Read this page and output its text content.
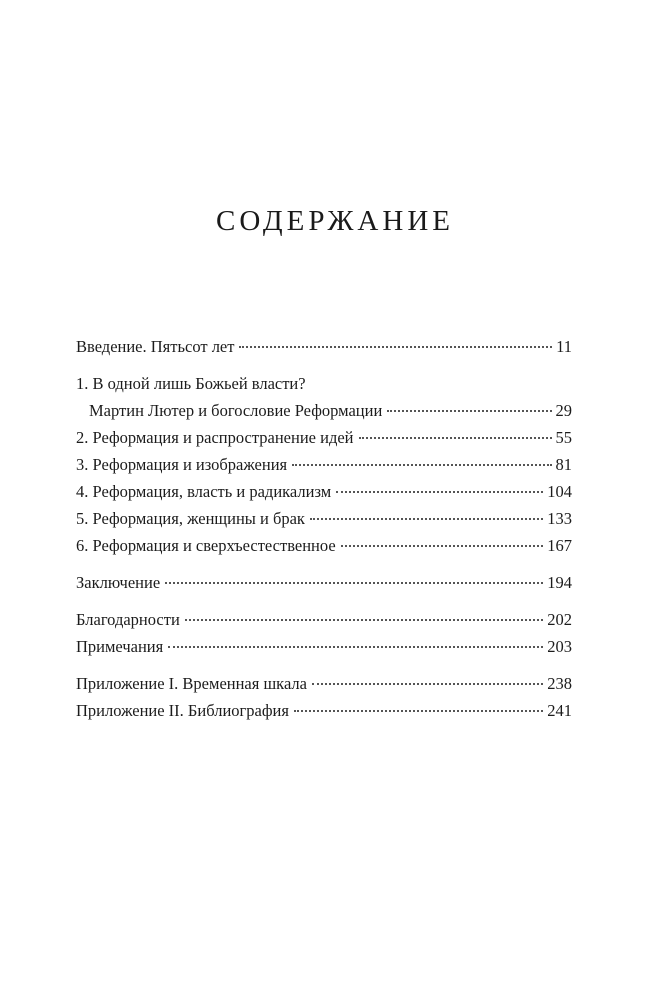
СОДЕРЖАНИЕ
Введение. Пятьсот лет	11
1. В одной лишь Божьей власти?
Мартин Лютер и богословие Реформации	29
2. Реформация и распространение идей	55
3. Реформация и изображения	81
4. Реформация, власть и радикализм	104
5. Реформация, женщины и брак	133
6. Реформация и сверхъестественное	167
Заключение	194
Благодарности	202
Примечания	203
Приложение I. Временная шкала	238
Приложение II. Библиография	241
